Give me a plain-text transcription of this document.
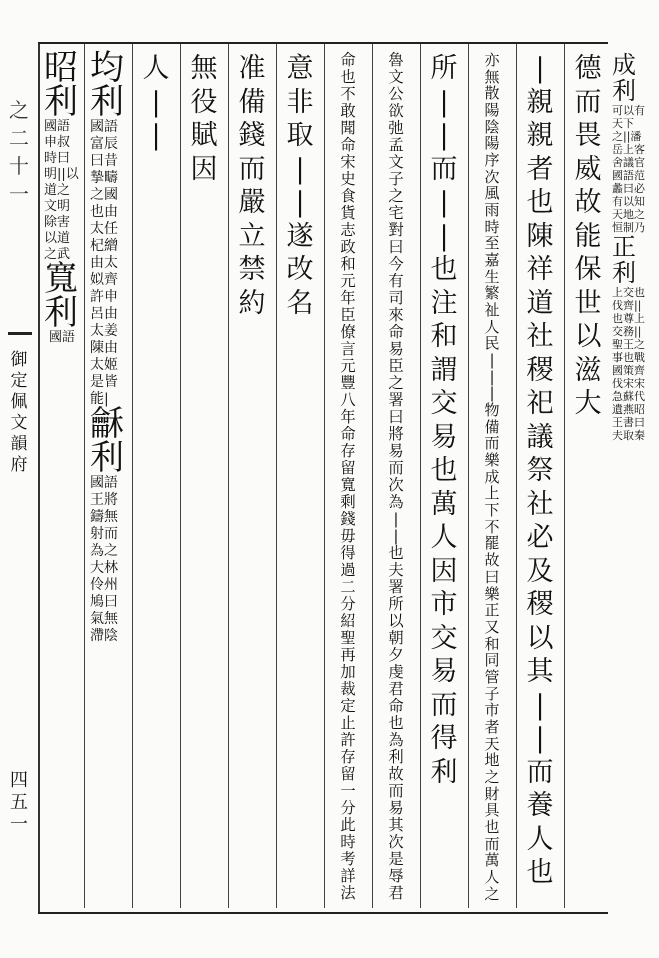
之
二
十
一
御
定
佩
文
韻
府
四
五
一
德
而
畏
威
故
能
保
世
以
滋
大
|
親
親
者
也
陳
祥
道
社
稷
祀
議
祭
社
必
及
稷
以
其
|
|
而
養
人
也
亦
無
散
陽
陰
陽
序
次
風
雨
時
至
嘉
生
繁
祉
人
民
|
|
|
物
備
而
樂
成
上
下
不
罷
故
曰
樂
正
又
和
同
管
子
市
者
天
地
之
財
具
也
而
萬
人
之
所
|
|
而
|
|
也
注
和
謂
交
易
也
萬
人
因
市
交
易
而
得
利
魯
文
公
欲
弛
孟
文
子
之
宅
對
曰
今
有
司
來
命
易
臣
之
署
曰
將
易
而
次
為
|
|
也
夫
署
所
以
朝
夕
虔
君
命
也
為
利
故
而
易
其
次
是
辱
君
命
也
不
敢
聞
命
宋
史
食
貨
志
政
和
元
年
臣
僚
言
元
豐
八
年
命
存
留
寬
剩
錢
毋
得
過
二
分
紹
聖
再
加
裁
定
止
許
存
留
一
分
此
時
考
詳
法
意
非
取
|
|
遂
改
名
准
備
錢
而
嚴
立
禁
約
無
役
賦
因
人
|
|
均利
國語富辰曰昔摯疇之國也由太任杞繒由太姒齊許申呂由太姜陳由太姬是皆能|
龢利
國語王將鑄無射而為之大林伶州鳩曰氣無滯陰
昭利
國語申叔時曰明||以道之文明除害以道之武
寬利
國語
成利
可以有天下之||潘岳上客舍議官國語范蠡曰必有以知天地之恒制乃
正利
上交也伐齊||也尊上交務||聖王之事也戰國策齊伐宋宋急蘇代遺燕昭王書曰夫取秦
